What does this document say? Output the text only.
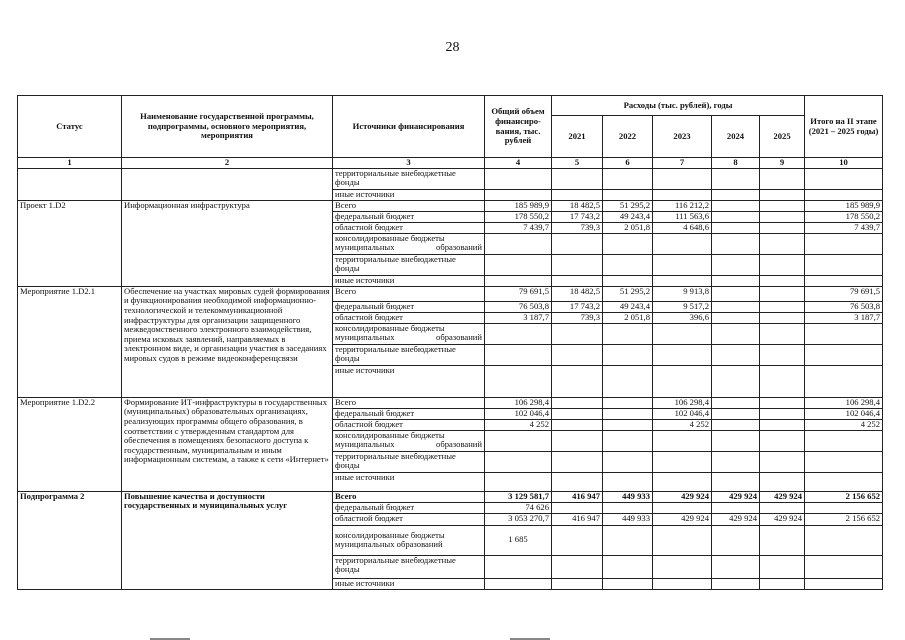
28
Статус	Наименование государственной программы, подпрограммы, основного мероприятия, мероприятия	Источники финансирования	Общий объем финансиро-вания, тыс. рублей	Расходы (тыс. рублей), годы					Итого на II этапе (2021 – 2025 годы)
				2021	2022	2023	2024	2025	
1	2	3	4	5	6	7	8	9	10
		территориальные внебюджетные фонды							
		иные источники							
Проект 1.D2	Информационная инфраструктура	Всего	185 989,9	18 482,5	51 295,2	116 212,2			185 989,9
		федеральный бюджет	178 550,2	17 743,2	49 243,4	111 563,6			178 550,2
		областной бюджет	7 439,7	739,3	2 051,8	4 648,6			7 439,7
		консолидированные бюджеты муниципальных образований							
		территориальные внебюджетные фонды							
		иные источники							
Мероприятие 1.D2.1	Обеспечение на участках мировых судей формирования и функционирования необходимой информационно-технологической и телекоммуникационной инфраструктуры для организации защищенного межведомственного электронного взаимодействия, приема исковых заявлений, направляемых в электронном виде, и организации участия в заседаниях мировых судов в режиме видеоконференцсвязи	Всего	79 691,5	18 482,5	51 295,2	9 913,8			79 691,5
		федеральный бюджет	76 503,8	17 743,2	49 243,4	9 517,2			76 503,8
		областной бюджет	3 187,7	739,3	2 051,8	396,6			3 187,7
		консолидированные бюджеты муниципальных образований							
		территориальные внебюджетные фонды							
		иные источники							
Мероприятие 1.D2.2	Формирование ИТ-инфраструктуры в государственных (муниципальных) образовательных организациях, реализующих программы общего образования, в соответствии с утвержденным стандартом для обеспечения в помещениях безопасного доступа к государственным, муниципальным и иным информационным системам, а также к сети «Интернет»	Всего	106 298,4			106 298,4			106 298,4
		федеральный бюджет	102 046,4			102 046,4			102 046,4
		областной бюджет	4 252			4 252			4 252
		консолидированные бюджеты муниципальных образований							
		территориальные внебюджетные фонды							
		иные источники							
Подпрограмма 2	Повышение качества и доступности государственных и муниципальных услуг	Всего	3 129 581,7	416 947	449 933	429 924	429 924	429 924	2 156 652
		федеральный бюджет	74 626						
		областной бюджет	3 053 270,7	416 947	449 933	429 924	429 924	429 924	2 156 652
		консолидированные бюджеты муниципальных образований	1 685						
		территориальные внебюджетные фонды							
		иные источники							
